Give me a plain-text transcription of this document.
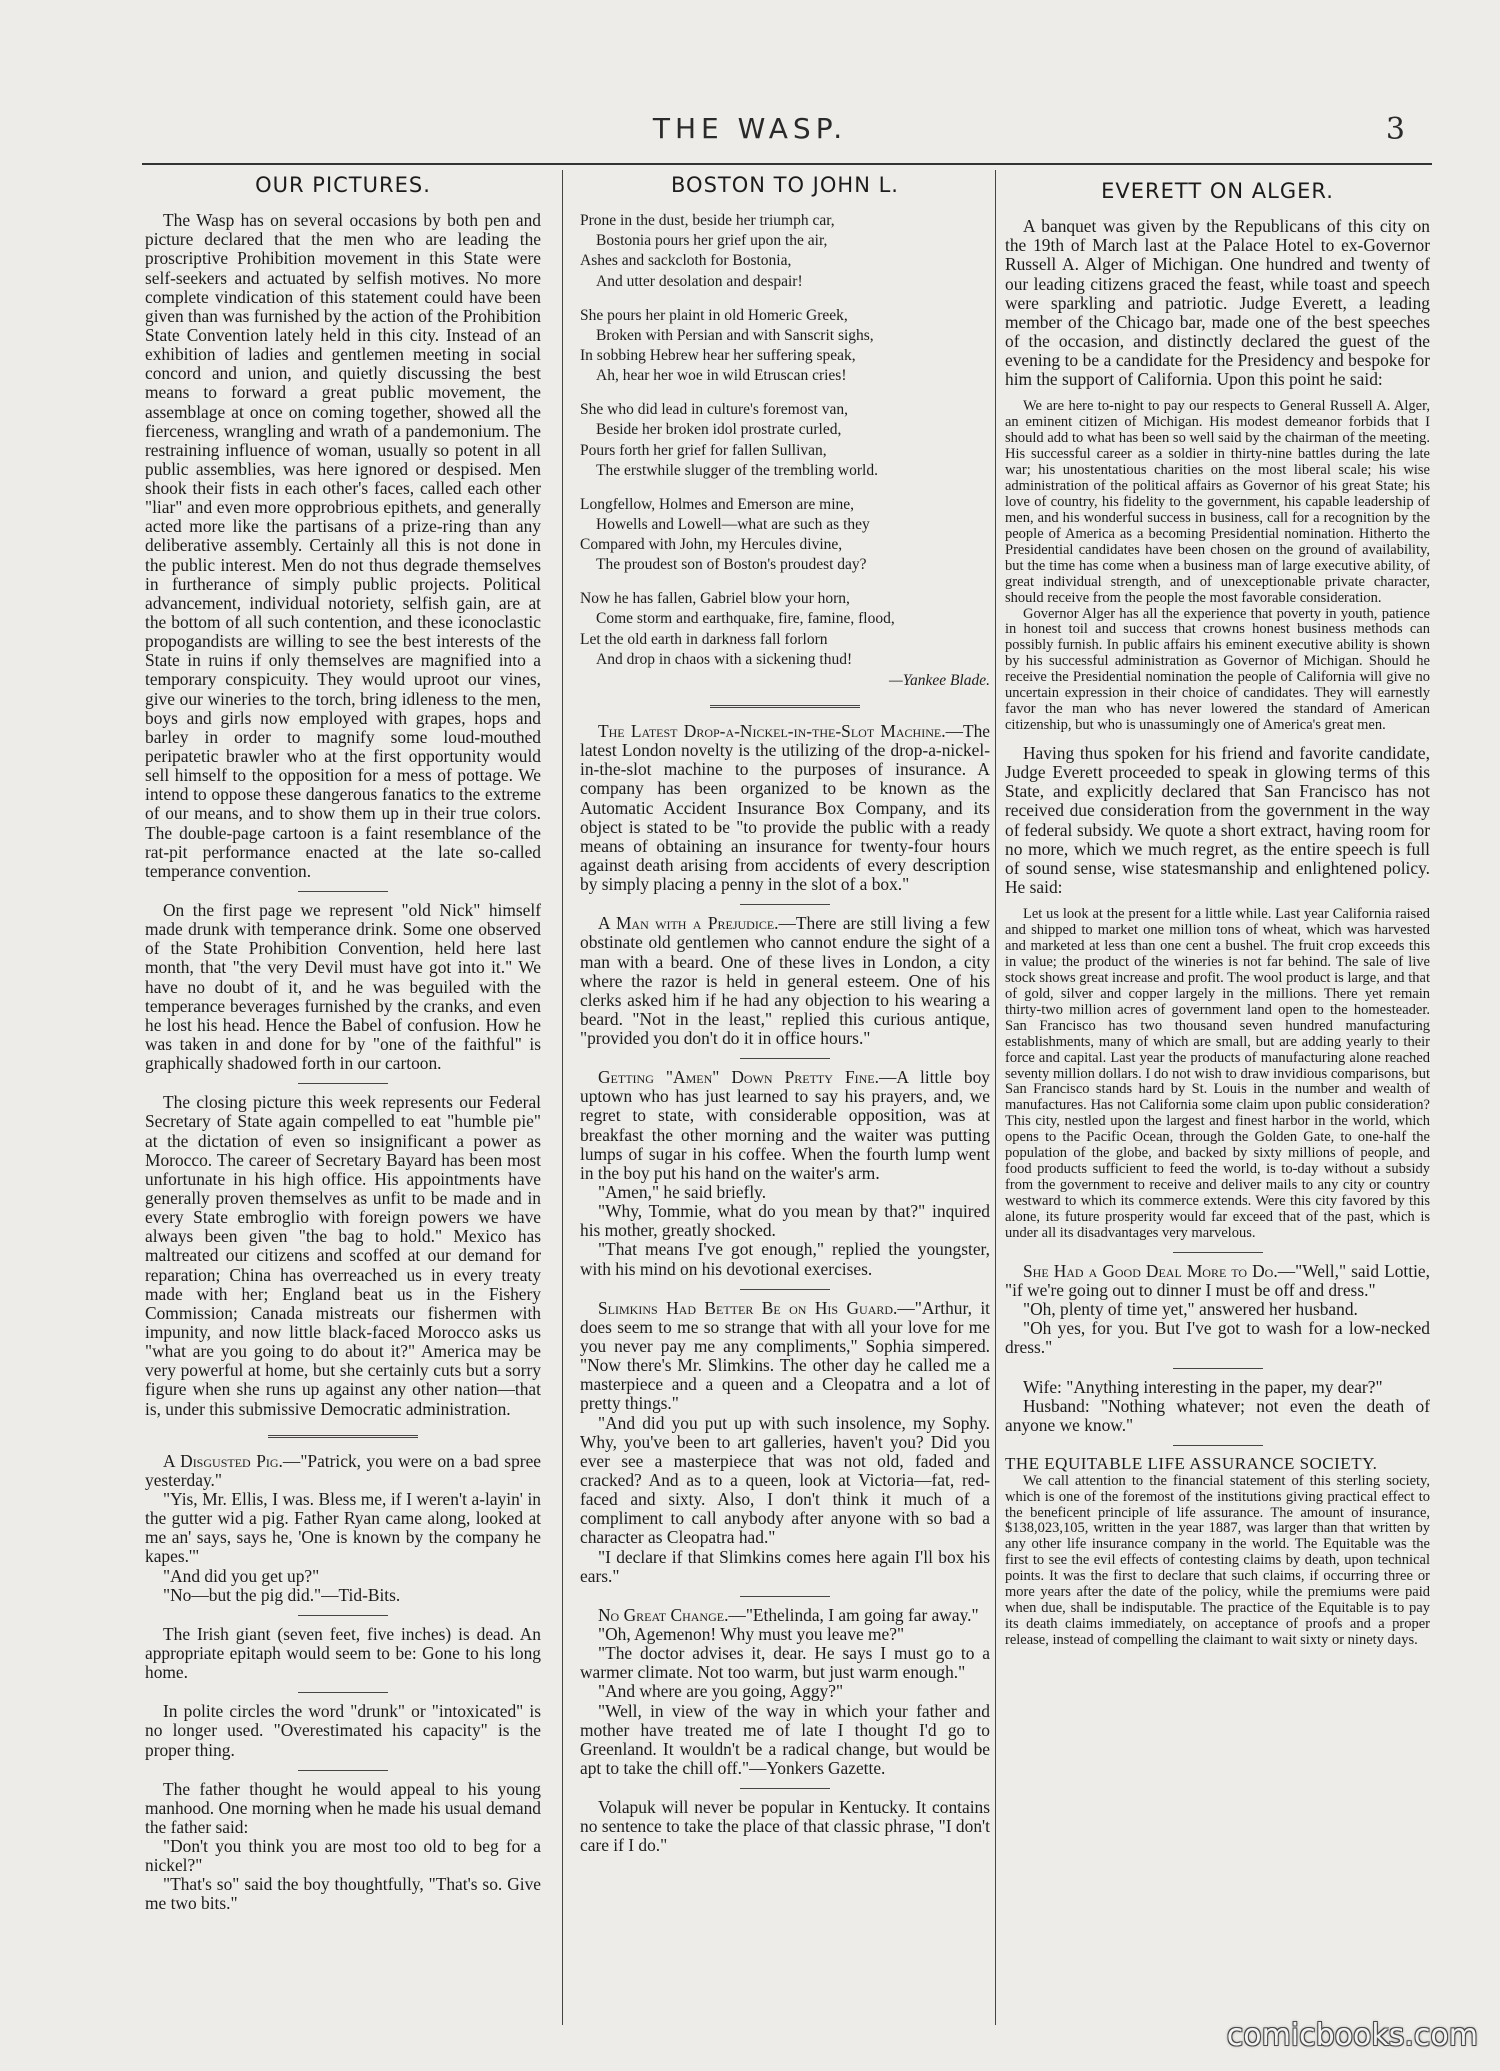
THE WASP.	3
OUR PICTURES.

The Wasp has on several occasions by both pen and picture declared that the men who are leading the proscriptive Prohibition movement in this State were self-seekers and actuated by selfish motives. No more complete vindication of this statement could have been given than was furnished by the action of the Prohibition State Convention lately held in this city. Instead of an exhibition of ladies and gentlemen meeting in social concord and union, and quietly discussing the best means to forward a great public movement, the assemblage at once on coming together, showed all the fierceness, wrangling and wrath of a pandemonium. The restraining influence of woman, usually so potent in all public assemblies, was here ignored or despised. Men shook their fists in each other's faces, called each other "liar" and even more opprobrious epithets, and generally acted more like the partisans of a prize-ring than any deliberative assembly. Certainly all this is not done in the public interest. Men do not thus degrade themselves in furtherance of simply public projects. Political advancement, individual notoriety, selfish gain, are at the bottom of all such contention, and these iconoclastic propogandists are willing to see the best interests of the State in ruins if only themselves are magnified into a temporary conspicuity. They would uproot our vines, give our wineries to the torch, bring idleness to the men, boys and girls now employed with grapes, hops and barley in order to magnify some loud-mouthed peripatetic brawler who at the first opportunity would sell himself to the opposition for a mess of pottage. We intend to oppose these dangerous fanatics to the extreme of our means, and to show them up in their true colors. The double-page cartoon is a faint resemblance of the rat-pit performance enacted at the late so-called temperance convention.

On the first page we represent "old Nick" himself made drunk with temperance drink. Some one observed of the State Prohibition Convention, held here last month, that "the very Devil must have got into it." We have no doubt of it, and he was beguiled with the temperance beverages furnished by the cranks, and even he lost his head. Hence the Babel of confusion. How he was taken in and done for by "one of the faithful" is graphically shadowed forth in our cartoon.

The closing picture this week represents our Federal Secretary of State again compelled to eat "humble pie" at the dictation of even so insignificant a power as Morocco. The career of Secretary Bayard has been most unfortunate in his high office. His appointments have generally proven themselves as unfit to be made and in every State embroglio with foreign powers we have always been given "the bag to hold." Mexico has maltreated our citizens and scoffed at our demand for reparation; China has overreached us in every treaty made with her; England beat us in the Fishery Commission; Canada mistreats our fishermen with impunity, and now little black-faced Morocco asks us "what are you going to do about it?" America may be very powerful at home, but she certainly cuts but a sorry figure when she runs up against any other nation—that is, under this submissive Democratic administration.

A Disgusted Pig.—"Patrick, you were on a bad spree yesterday."

"Yis, Mr. Ellis, I was. Bless me, if I weren't a-layin' in the gutter wid a pig. Father Ryan came along, looked at me an' says, says he, 'One is known by the company he kapes.'"

"And did you get up?"

"No—but the pig did."—Tid-Bits.

The Irish giant (seven feet, five inches) is dead. An appropriate epitaph would seem to be: Gone to his long home.

In polite circles the word "drunk" or "intoxicated" is no longer used. "Overestimated his capacity" is the proper thing.

The father thought he would appeal to his young manhood. One morning when he made his usual demand the father said:

"Don't you think you are most too old to beg for a nickel?"

"That's so" said the boy thoughtfully, "That's so. Give me two bits."

BOSTON TO JOHN L.
Prone in the dust, beside her triumph car,
Bostonia pours her grief upon the air,
Ashes and sackcloth for Bostonia,
And utter desolation and despair!
She pours her plaint in old Homeric Greek,
Broken with Persian and with Sanscrit sighs,
In sobbing Hebrew hear her suffering speak,
Ah, hear her woe in wild Etruscan cries!
She who did lead in culture's foremost van,
Beside her broken idol prostrate curled,
Pours forth her grief for fallen Sullivan,
The erstwhile slugger of the trembling world.
Longfellow, Holmes and Emerson are mine,
Howells and Lowell—what are such as they
Compared with John, my Hercules divine,
The proudest son of Boston's proudest day?
Now he has fallen, Gabriel blow your horn,
Come storm and earthquake, fire, famine, flood,
Let the old earth in darkness fall forlorn
And drop in chaos with a sickening thud!
—Yankee Blade.

The Latest Drop-a-Nickel-in-the-Slot Machine.—The latest London novelty is the utilizing of the drop-a-nickel-in-the-slot machine to the purposes of insurance. A company has been organized to be known as the Automatic Accident Insurance Box Company, and its object is stated to be "to provide the public with a ready means of obtaining an insurance for twenty-four hours against death arising from accidents of every description by simply placing a penny in the slot of a box."

A Man with a Prejudice.—There are still living a few obstinate old gentlemen who cannot endure the sight of a man with a beard. One of these lives in London, a city where the razor is held in general esteem. One of his clerks asked him if he had any objection to his wearing a beard. "Not in the least," replied this curious antique, "provided you don't do it in office hours."

Getting "Amen" Down Pretty Fine.—A little boy uptown who has just learned to say his prayers, and, we regret to state, with considerable opposition, was at breakfast the other morning and the waiter was putting lumps of sugar in his coffee. When the fourth lump went in the boy put his hand on the waiter's arm.

"Amen," he said briefly.

"Why, Tommie, what do you mean by that?" inquired his mother, greatly shocked.

"That means I've got enough," replied the youngster, with his mind on his devotional exercises.

Slimkins Had Better Be on His Guard.—"Arthur, it does seem to me so strange that with all your love for me you never pay me any compliments," Sophia simpered. "Now there's Mr. Slimkins. The other day he called me a masterpiece and a queen and a Cleopatra and a lot of pretty things."

"And did you put up with such insolence, my Sophy. Why, you've been to art galleries, haven't you? Did you ever see a masterpiece that was not old, faded and cracked? And as to a queen, look at Victoria—fat, red-faced and sixty. Also, I don't think it much of a compliment to call anybody after anyone with so bad a character as Cleopatra had."

"I declare if that Slimkins comes here again I'll box his ears."

No Great Change.—"Ethelinda, I am going far away."

"Oh, Agemenon! Why must you leave me?"

"The doctor advises it, dear. He says I must go to a warmer climate. Not too warm, but just warm enough."

"And where are you going, Aggy?"

"Well, in view of the way in which your father and mother have treated me of late I thought I'd go to Greenland. It wouldn't be a radical change, but would be apt to take the chill off."—Yonkers Gazette.

Volapuk will never be popular in Kentucky. It contains no sentence to take the place of that classic phrase, "I don't care if I do."

EVERETT ON ALGER.

A banquet was given by the Republicans of this city on the 19th of March last at the Palace Hotel to ex-Governor Russell A. Alger of Michigan. One hundred and twenty of our leading citizens graced the feast, while toast and speech were sparkling and patriotic. Judge Everett, a leading member of the Chicago bar, made one of the best speeches of the occasion, and distinctly declared the guest of the evening to be a candidate for the Presidency and bespoke for him the support of California. Upon this point he said:

We are here to-night to pay our respects to General Russell A. Alger, an eminent citizen of Michigan. His modest demeanor forbids that I should add to what has been so well said by the chairman of the meeting. His successful career as a soldier in thirty-nine battles during the late war; his unostentatious charities on the most liberal scale; his wise administration of the political affairs as Governor of his great State; his love of country, his fidelity to the government, his capable leadership of men, and his wonderful success in business, call for a recognition by the people of America as a becoming Presidential nomination. Hitherto the Presidential candidates have been chosen on the ground of availability, but the time has come when a business man of large executive ability, of great individual strength, and of unexceptionable private character, should receive from the people the most favorable consideration.

Governor Alger has all the experience that poverty in youth, patience in honest toil and success that crowns honest business methods can possibly furnish. In public affairs his eminent executive ability is shown by his successful administration as Governor of Michigan. Should he receive the Presidential nomination the people of California will give no uncertain expression in their choice of candidates. They will earnestly favor the man who has never lowered the standard of American citizenship, but who is unassumingly one of America's great men.

Having thus spoken for his friend and favorite candidate, Judge Everett proceeded to speak in glowing terms of this State, and explicitly declared that San Francisco has not received due consideration from the government in the way of federal subsidy. We quote a short extract, having room for no more, which we much regret, as the entire speech is full of sound sense, wise statesmanship and enlightened policy. He said:

Let us look at the present for a little while. Last year California raised and shipped to market one million tons of wheat, which was harvested and marketed at less than one cent a bushel. The fruit crop exceeds this in value; the product of the wineries is not far behind. The sale of live stock shows great increase and profit. The wool product is large, and that of gold, silver and copper largely in the millions. There yet remain thirty-two million acres of government land open to the homesteader. San Francisco has two thousand seven hundred manufacturing establishments, many of which are small, but are adding yearly to their force and capital. Last year the products of manufacturing alone reached seventy million dollars. I do not wish to draw invidious comparisons, but San Francisco stands hard by St. Louis in the number and wealth of manufactures. Has not California some claim upon public consideration? This city, nestled upon the largest and finest harbor in the world, which opens to the Pacific Ocean, through the Golden Gate, to one-half the population of the globe, and backed by sixty millions of people, and food products sufficient to feed the world, is to-day without a subsidy from the government to receive and deliver mails to any city or country westward to which its commerce extends. Were this city favored by this alone, its future prosperity would far exceed that of the past, which is under all its disadvantages very marvelous.

She Had a Good Deal More to Do.—"Well," said Lottie, "if we're going out to dinner I must be off and dress."

"Oh, plenty of time yet," answered her husband.

"Oh yes, for you. But I've got to wash for a low-necked dress."

Wife: "Anything interesting in the paper, my dear?"

Husband: "Nothing whatever; not even the death of anyone we know."

THE EQUITABLE LIFE ASSURANCE SOCIETY.

We call attention to the financial statement of this sterling society, which is one of the foremost of the institutions giving practical effect to the beneficent principle of life assurance. The amount of insurance, $138,023,105, written in the year 1887, was larger than that written by any other life insurance company in the world. The Equitable was the first to see the evil effects of contesting claims by death, upon technical points. It was the first to declare that such claims, if occurring three or more years after the date of the policy, while the premiums were paid when due, shall be indisputable. The practice of the Equitable is to pay its death claims immediately, on acceptance of proofs and a proper release, instead of compelling the claimant to wait sixty or ninety days.

comicbooks.com
